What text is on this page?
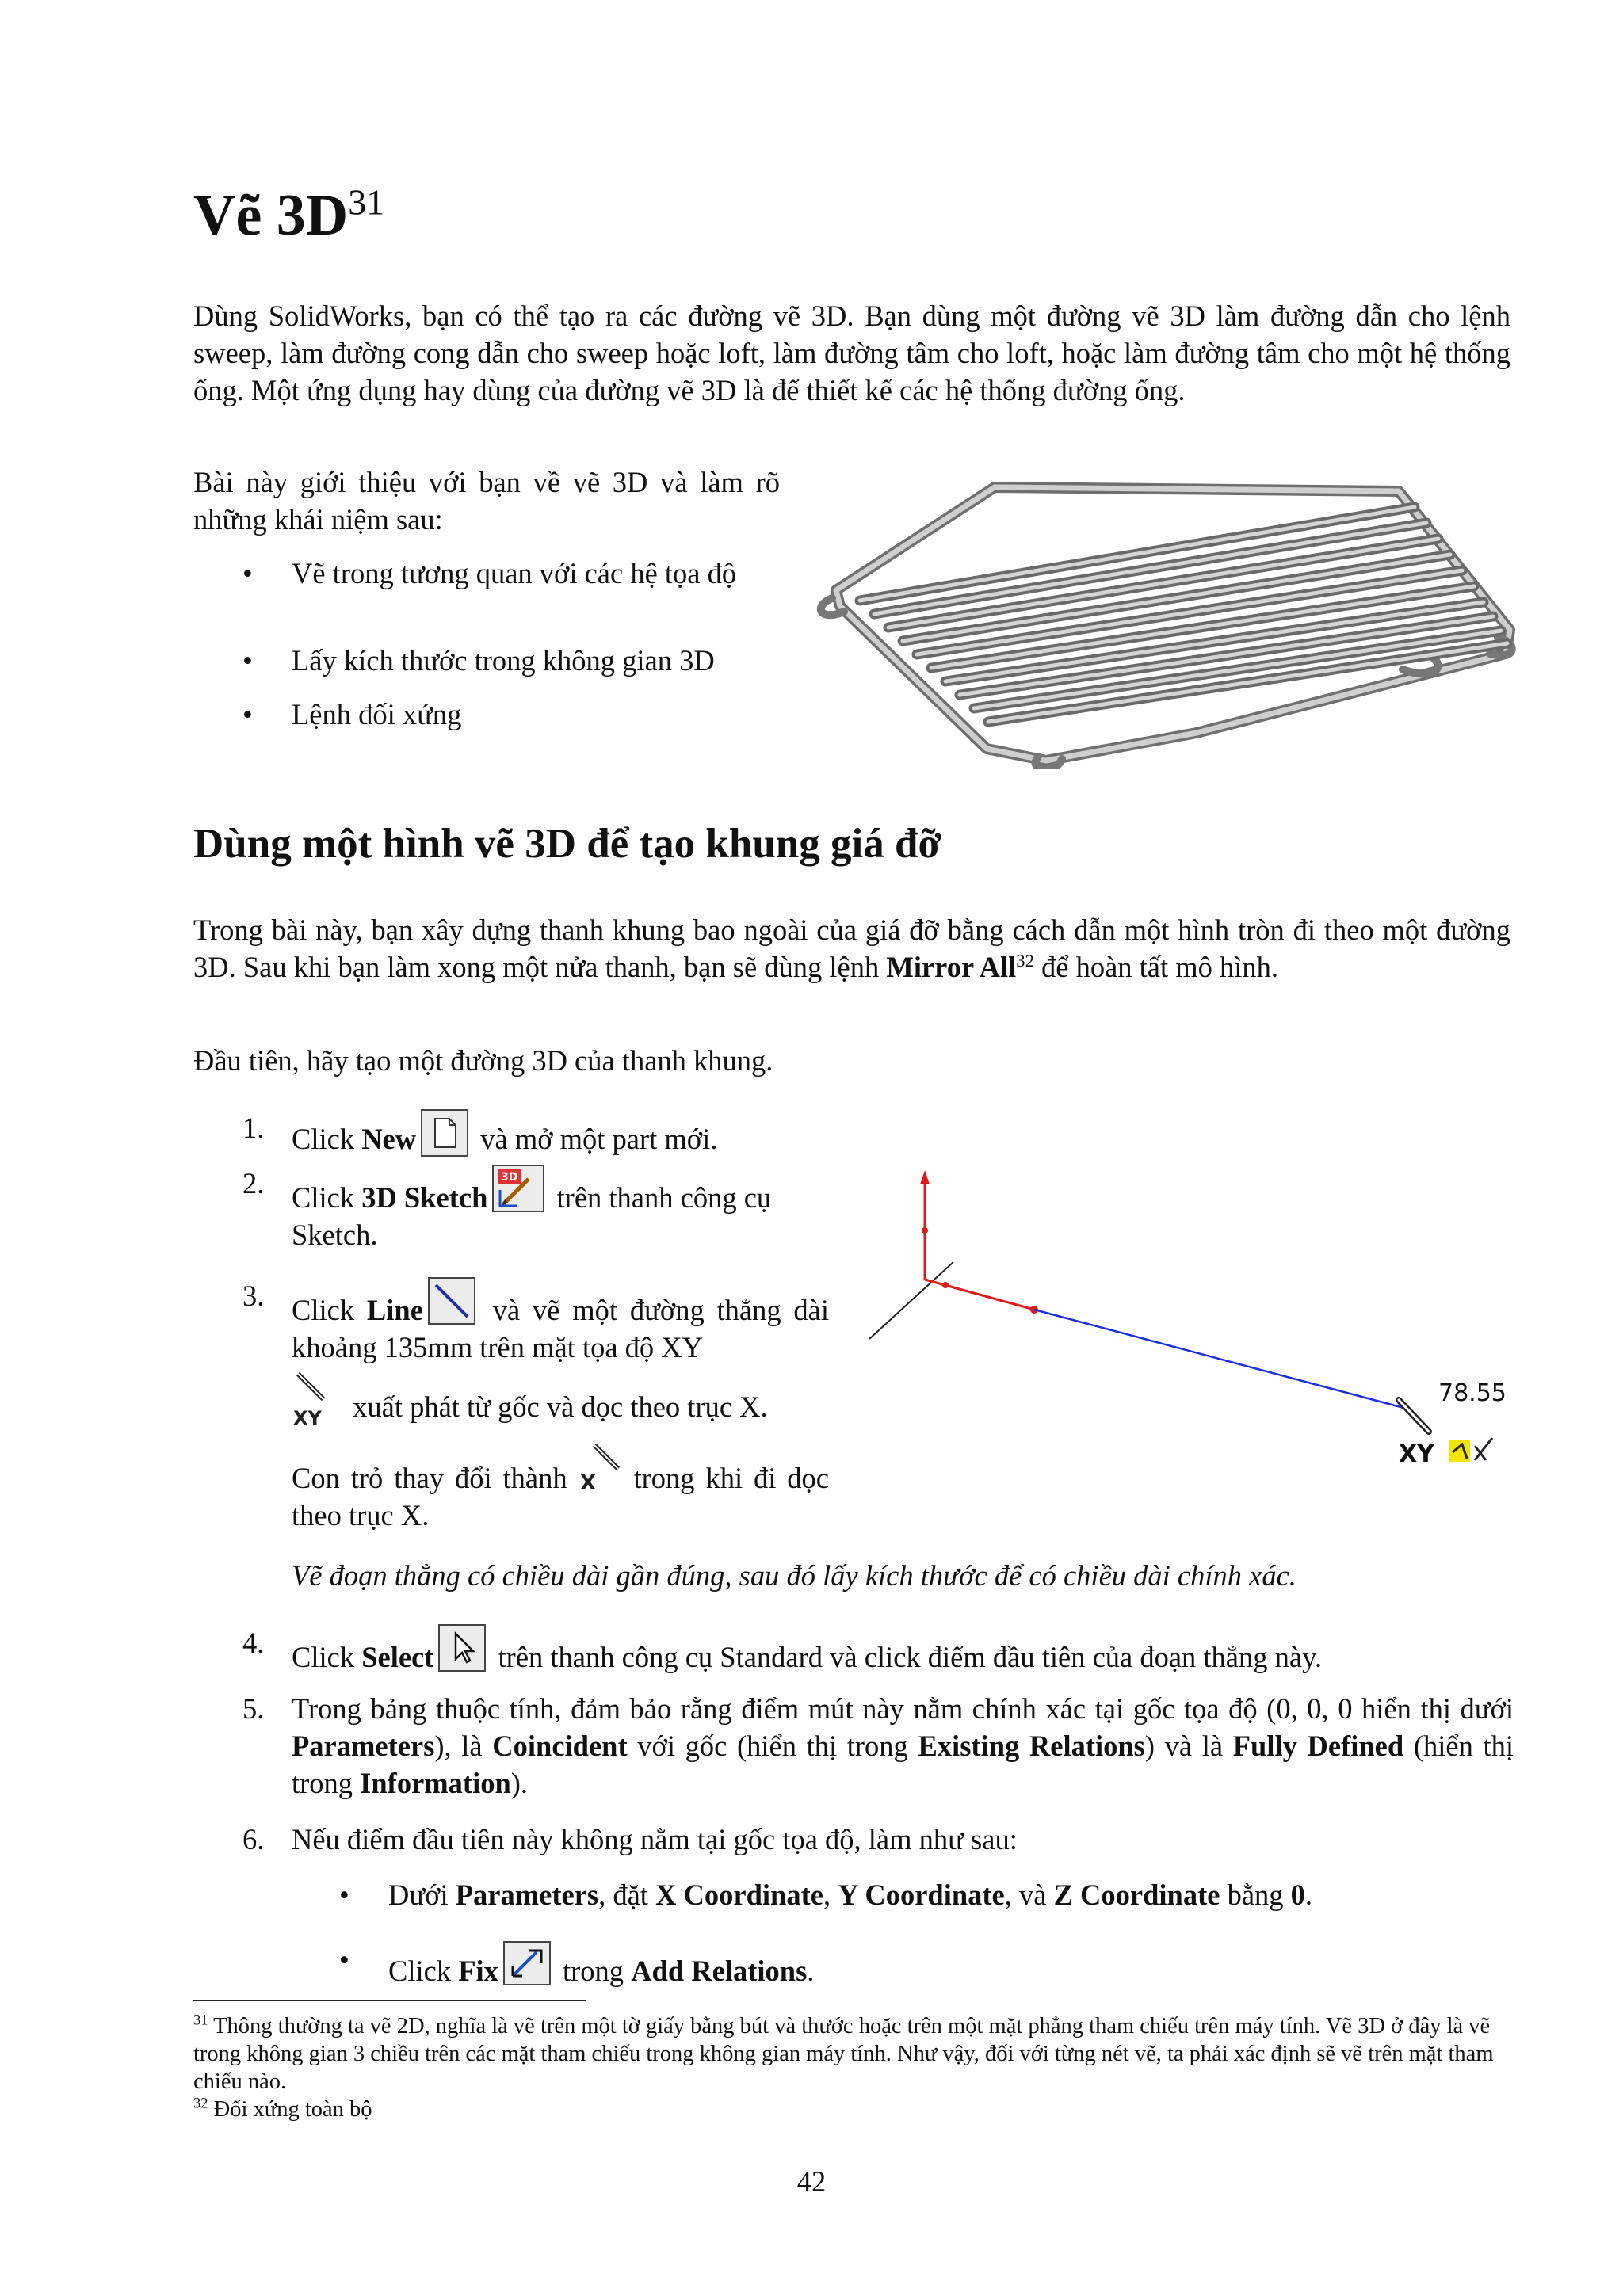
Vẽ $3D^{31}$

Dùng SolidWorks, bạn có thể tạo ra các đường vẽ 3D. Bạn dùng một đường vẽ 3D làm đường dẫn cho lệnh sweep, làm đường cong dẫn cho sweep hoặc loft, làm đường tâm cho loft, hoặc làm đường tâm cho một hệ thống ống. Một ứng dụng hay dùng của đường vẽ 3D là để thiết kế các hệ thống đường ống.

Bài này giới thiệu với bạn về vẽ 3D và làm rõ những khái niệm sau:

• Vẽ trong tương quan với các hệ tọa độ

• Lấy kích thước trong không gian 3D

• Lệnh đối xứng

Dùng một hình vẽ 3D để tạo khung giá đỡ

Trong bài này, bạn xây dựng thanh khung bao ngoài của giá đỡ bằng cách dẫn một hình tròn đi theo một đường 3D. Sau khi bạn làm xong một nửa thanh, bạn sẽ dùng lệnh Mirror All$^{32}$ để hoàn tất mô hình.

Đầu tiên, hãy tạo một đường 3D của thanh khung.

1. Click New và mở một part mới.

2. Click 3D Sketch
3D
trên thanh công cụ Sketch.

3. Click Line và vẽ một đường thẳng dài khoảng 135mm trên mặt tọa độ XY

XY xuất phát từ gốc và dọc theo trục X.

Con trỏ thay đổi thành X trong khi đi dọc theo trục X.

Vẽ đoạn thẳng có chiều dài gần đúng, sau đó lấy kích thước để có chiều dài chính xác.

78.55
XY
4. Click Select trên thanh công cụ Standard và click điểm đầu tiên của đoạn thẳng này.

5. Trong bảng thuộc tính, đảm bảo rằng điểm mút này nằm chính xác tại gốc tọa độ (0, 0, 0 hiển thị dưới Parameters), là Coincident với gốc (hiển thị trong Existing Relations) và là Fully Defined (hiển thị trong Information).

6. Nếu điểm đầu tiên này không nằm tại gốc tọa độ, làm như sau:

•	Dưới Parameters, đặt X Coordinate, Y Coordinate, và Z Coordinate bằng 0.

•	Click Fix trong Add Relations.

$^{31}$ Thông thường ta vẽ 2D, nghĩa là vẽ trên một tờ giấy bằng bút và thước hoặc trên một mặt phẳng tham chiếu trên máy tính. Vẽ 3D ở đây là vẽ trong không gian 3 chiều trên các mặt tham chiếu trong không gian máy tính. Như vậy, đối với từng nét vẽ, ta phải xác định sẽ vẽ trên mặt tham chiếu nào.

$^{32}$ Đối xứng toàn bộ

42
